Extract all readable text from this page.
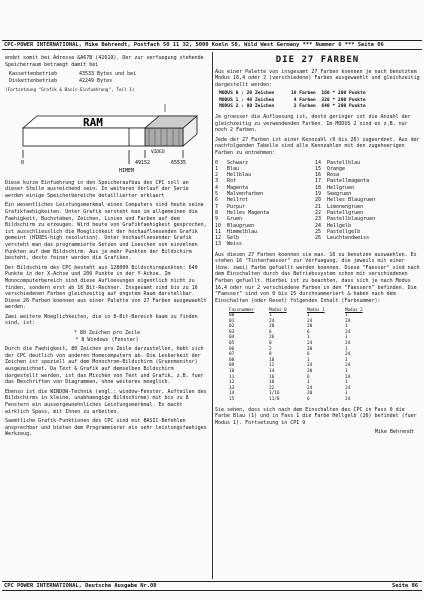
CPC-POWER INTERNATIONAL, Mike Behrendt, Postfach 50 11 32, 5000 Koeln 50, Wild West Germany *** Nummer 6 *** Seite 06

endet somit bei Adresse &A67B (42619). Der zur verfuegung stehende Speicherraum betraegt damit bei

Kassettenbetrieb	43533 Bytes und bei
Diskettenbetrieb	42249 Bytes

(Fortsetzung "Grafik & Basic-Einfuehrung", Teil 1)

RAM
VIDEO
0	49152	65535
HIMEM

Diese kurze Einfuehrung in den Speicheraufbau des CPC soll an dieser Stelle ausreichend sein. In weiteren Verlauf der Serie werden einige Speicherbereiche detaillierter erklaert

Ein wesentliches Leistungsmerkmal eines Computers sind heute seine Grafikfaehigkeiten. Unter Grafik versteht man im allgemeinen die Faehigkeit, Buchstaben, Zeichen, Linien und Farben auf dem Bildschirm zu erzeugen. Wird heute von Grafikfaehigkeit gesprochen, ist ausschliesslich die Moeglichkeit der hochaufloesenden Grafik gemeint (HIRES-high resolution). Unter hochaufloesender Grafik versteht man das programmierte Setzen und Loeschen von einzelnen Punkten auf dem Bildschirm. Aus je mehr Punkten der Bildschirm besteht, desto feiner werden die Grafiken.

Der Bildschirm des CPC besteht aus 128000 Bildschirmpunkten: 640 Punkte in der X-Achse und 200 Punkte in der Y-Achse. Im Monocomputerbereich sind diese Aufloesungen eigentlich nicht zu finden, sondern erst ab 16 Bit-Rechner. Insgesamt sind bis zu 16 verschiedenen Farben gleichzeitig auf engstem Raum darstellbar. Diese 26 Farben koennen aus einer Palette von 27 Farben ausgewaehlt werden.

Zwei weitere Moeglichkeiten, die in 8-Bit-Bereich kaum zu finden sind, ist:

* 80 Zeichen pro Zeile
* 8 Windows (Fenster)

Durch die Faehigkeit, 80 Zeichen pro Zeile darzustellen, hebt sich der CPC deutlich von anderen Homecomputern ab. Die Lesbarkeit der Zeichen ist speziell auf dem Monochrom-Bildschirm (Gruenmonitor) ausgezeichnet. Da Text & Grafik auf demselben Bildschirm dargestellt werden, ist das Mischen von Text und Grafik, z.B. fuer das Beschriften von Diagrammen, ohne weiteres moeglich.

Ebenso ist die WINDOW-Technik (engl.: window-Fenster, Aufteilen des Bildschirms in kleine, unabhaengige Bildschirme) mit bis zu 8 Fenstern ein aussergewoehnliches Leistungsmerkmal. Es macht wirklich Spass, mit Ihnen zu arbeiten.

Saemtliche Grafik-Funktionen des CPC sind mit BASIC-Befehlen ansprechbar und bieten dem Programmierer ein sehr leistungsfaehiges Werkzeug.

DIE 27 FARBEN

Aus einer Palette von insgesamt 27 Farben koennen je nach benutztem Modus 16,4 oder 2 (verschiedene) Farben ausgewaehlt und gleichzeitig dargestellt werden:

MODUS 0 : 20 Zeichen      16 Farben  160 * 200 Punkte
MODUS 1 : 40 Zeichen       4 Farben  320 * 200 Punkte
MODUS 2 : 80 Zeichen       2 Farben  640 * 200 Punkte

Je groesser die Aufloesung ist, desto geringer ist die Anzahl der gleichzeitig zu verwendenden Farben. Im MODUS 2 sind es z.B. nur noch 2 Farben.

Jede der 27 Farben ist einer Kennzahl (0 bis 26) zugeordnet. Aus der nachfolgenden Tabelle sind alle Kennzahlen mit den zugehoerigen Farben zu entnehmen:

0	Schwarz
1	Blau
2	Hellblau
3	Rot
4	Magenta
5	Malvenfarben
6	Hellrot
7	Purpur
8	Helles Magenta
9	Gruen
10	Blaugruen
11	Himmelblau
12	Gelb
13	Weiss
14	Pastellblau
15	Orange
16	Rosa
17	Pastellmagenta
18	Hellgruen
19	Seegruen
20	Helles Blaugruen
21	Limonengruen
22	Pastellgruen
23	Pastellblaugruen
24	Hellgelb
25	Pastellgelb
26	Leuchtendweiss

Aus diesen 27 Farben koennen sie max. 16 zu benutzen auswaehlen. Es stehen 16 "Tintenfaesser" zur Verfuegung, die jeweils mit einer (bzw. zwei) Farbe gefuellt werden koennen. Diese "Faesser" sind nach dem Einschalten durch das Betriebssystem schon mit verschiedenen Farben gefuellt. Hierbei ist zu beachten, dass sich je nach Modus 16,4 oder nur 2 verschiedene Farben in den "Faessern" befinden. Die "Faesser" sind von 0 bis 15 durchnummeriert & haben nach dem Einschalten (oder Reset) folgenden Inhalt (Farbnummer):

Fassnummer	Modus 0	Modus 1	Modus 2
00	1	1	1
01	24	24	24
02	20	20	1
03	6	6	24
04	26	1	1
05	0	24	24
06	2	20	1
07	8	6	24
08	10	1	1
09	12	24	24
10	14	20	1
11	16	6	24
12	18	1	1
13	22	24	24
14	1/16	20	1
15	11/8	6	24

Sie sehen, dass sich nach dem Einschalten des CPC in Fass 0 die Farbe Blau (1) und in Fass 1 die Farbe Hellgelb (26) befindet (fuer Modus 1). Fortsetzung in CPI 9

Mike Behrendt
CPC POWER INTERNATIONAL, Deutsche Ausgabe Nr.08	Seite 06
